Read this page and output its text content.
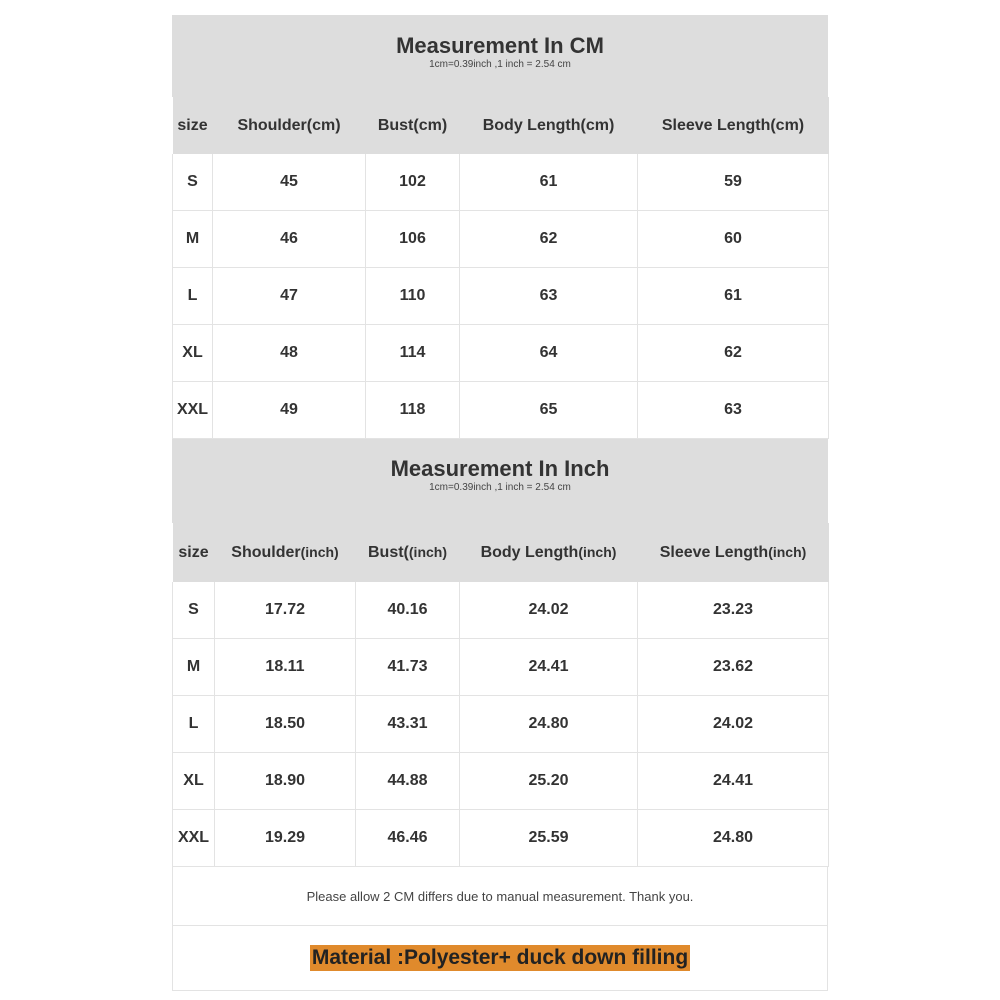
Measurement In CM
1cm=0.39inch ,1 inch = 2.54 cm
size	Shoulder(cm)	Bust(cm)	Body Length(cm)	Sleeve Length(cm)
S	45	102	61	59
M	46	106	62	60
L	47	110	63	61
XL	48	114	64	62
XXL	49	118	65	63
Measurement In Inch
1cm=0.39inch ,1 inch = 2.54 cm
size	Shoulder(inch)	Bust((inch)	Body Length(inch)	Sleeve Length(inch)
S	17.72	40.16	24.02	23.23
M	18.11	41.73	24.41	23.62
L	18.50	43.31	24.80	24.02
XL	18.90	44.88	25.20	24.41
XXL	19.29	46.46	25.59	24.80
Please allow 2 CM differs due to manual measurement. Thank you.
Material :Polyester+ duck down filling
